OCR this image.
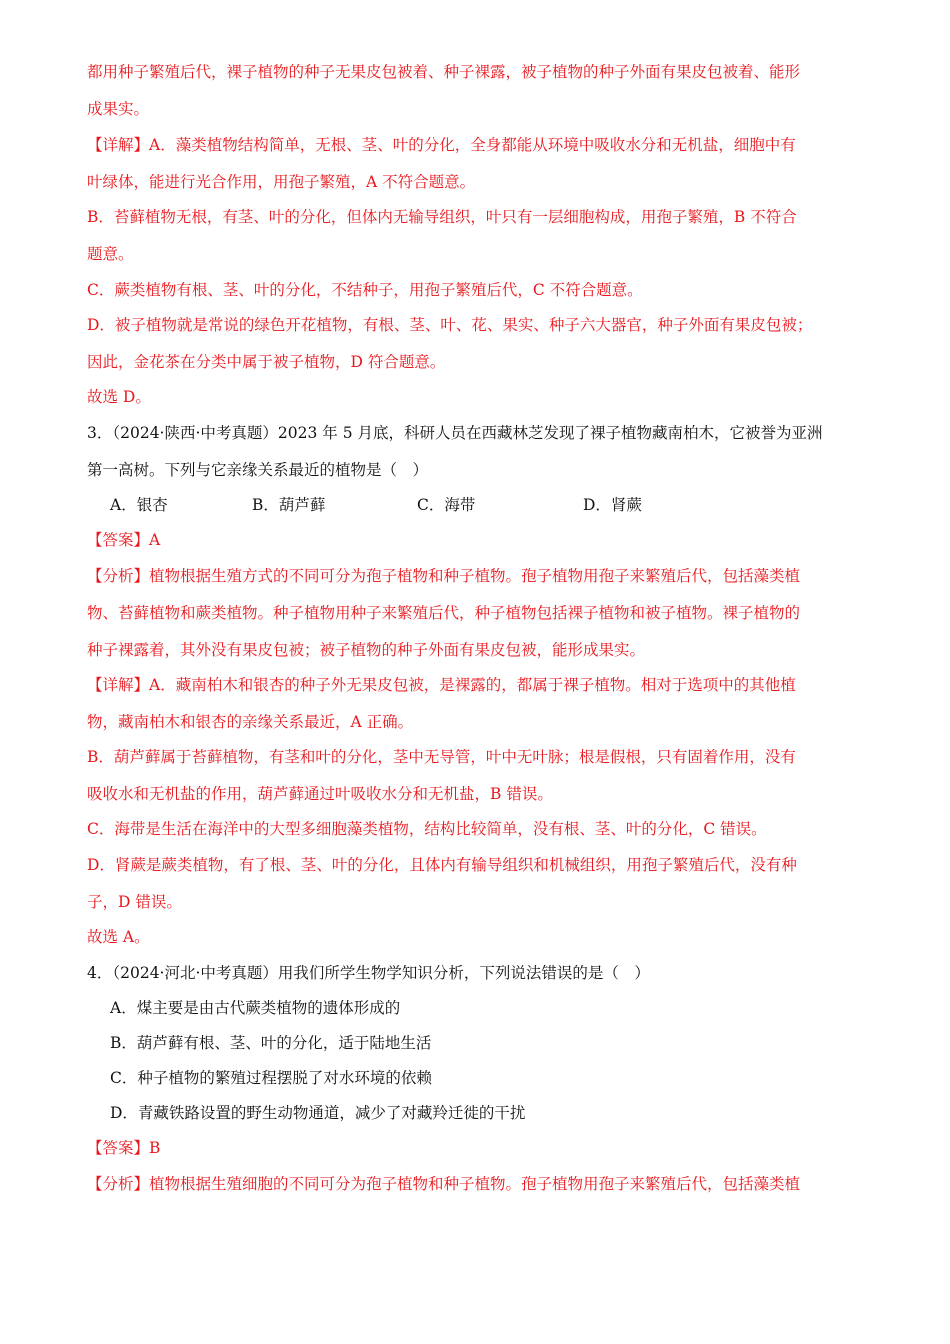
都用种子繁殖后代，裸子植物的种子无果皮包被着、种子裸露，被子植物的种子外面有果皮包被着、能形
成果实。
【详解】A．藻类植物结构简单，无根、茎、叶的分化，全身都能从环境中吸收水分和无机盐，细胞中有
叶绿体，能进行光合作用，用孢子繁殖，A 不符合题意。
B．苔藓植物无根，有茎、叶的分化，但体内无输导组织，叶只有一层细胞构成，用孢子繁殖，B 不符合
题意。
C．蕨类植物有根、茎、叶的分化，不结种子，用孢子繁殖后代，C 不符合题意。
D．被子植物就是常说的绿色开花植物，有根、茎、叶、花、果实、种子六大器官，种子外面有果皮包被；
因此，金花茶在分类中属于被子植物，D 符合题意。
故选 D。
3．（2024·陕西·中考真题）2023 年 5 月底，科研人员在西藏林芝发现了裸子植物藏南柏木，它被誉为亚洲
第一高树。下列与它亲缘关系最近的植物是（　）
A．银杏	B．葫芦藓	C．海带	D．肾蕨
【答案】A
【分析】植物根据生殖方式的不同可分为孢子植物和种子植物。孢子植物用孢子来繁殖后代，包括藻类植
物、苔藓植物和蕨类植物。种子植物用种子来繁殖后代，种子植物包括裸子植物和被子植物。裸子植物的
种子裸露着，其外没有果皮包被；被子植物的种子外面有果皮包被，能形成果实。
【详解】A．藏南柏木和银杏的种子外无果皮包被，是裸露的，都属于裸子植物。相对于选项中的其他植
物，藏南柏木和银杏的亲缘关系最近，A 正确。
B．葫芦藓属于苔藓植物，有茎和叶的分化，茎中无导管，叶中无叶脉；根是假根，只有固着作用，没有
吸收水和无机盐的作用，葫芦藓通过叶吸收水分和无机盐，B 错误。
C．海带是生活在海洋中的大型多细胞藻类植物，结构比较简单，没有根、茎、叶的分化，C 错误。
D．肾蕨是蕨类植物，有了根、茎、叶的分化，且体内有输导组织和机械组织，用孢子繁殖后代，没有种
子，D 错误。
故选 A。
4．（2024·河北·中考真题）用我们所学生物学知识分析，下列说法错误的是（　）
A．煤主要是由古代蕨类植物的遗体形成的
B．葫芦藓有根、茎、叶的分化，适于陆地生活
C．种子植物的繁殖过程摆脱了对水环境的依赖
D．青藏铁路设置的野生动物通道，减少了对藏羚迁徙的干扰
【答案】B
【分析】植物根据生殖细胞的不同可分为孢子植物和种子植物。孢子植物用孢子来繁殖后代，包括藻类植
